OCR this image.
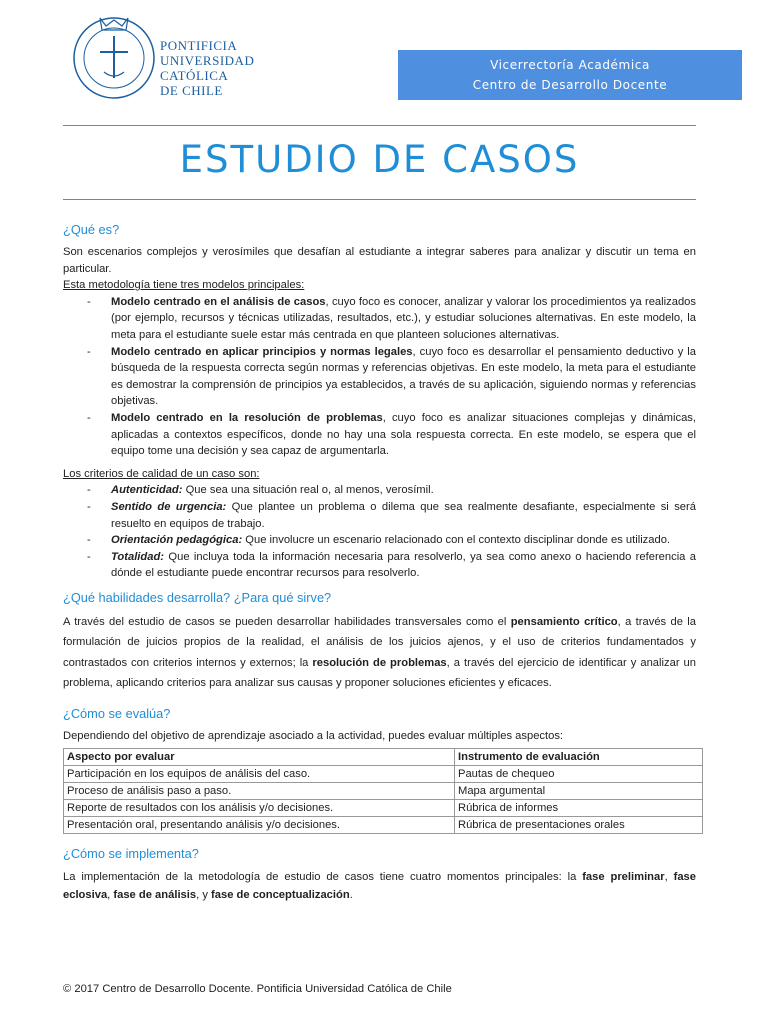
PONTIFICIA
UNIVERSIDAD
CATÓLICA
DE CHILE
Vicerrectoría Académica
Centro de Desarrollo Docente
ESTUDIO DE CASOS
¿Qué es?

Son escenarios complejos y verosímiles que desafían al estudiante a integrar saberes para analizar y discutir un tema en particular.

Esta metodología tiene tres modelos principales:

- Modelo centrado en el análisis de casos, cuyo foco es conocer, analizar y valorar los procedimientos ya realizados (por ejemplo, recursos y técnicas utilizadas, resultados, etc.), y estudiar soluciones alternativas. En este modelo, la meta para el estudiante suele estar más centrada en que planteen soluciones alternativas.
- Modelo centrado en aplicar principios y normas legales, cuyo foco es desarrollar el pensamiento deductivo y la búsqueda de la respuesta correcta según normas y referencias objetivas. En este modelo, la meta para el estudiante es demostrar la comprensión de principios ya establecidos, a través de su aplicación, siguiendo normas y referencias objetivas.
- Modelo centrado en la resolución de problemas, cuyo foco es analizar situaciones complejas y dinámicas, aplicadas a contextos específicos, donde no hay una sola respuesta correcta. En este modelo, se espera que el equipo tome una decisión y sea capaz de argumentarla.

Los criterios de calidad de un caso son:

- Autenticidad: Que sea una situación real o, al menos, verosímil.
- Sentido de urgencia: Que plantee un problema o dilema que sea realmente desafiante, especialmente si será resuelto en equipos de trabajo.
- Orientación pedagógica: Que involucre un escenario relacionado con el contexto disciplinar donde es utilizado.
- Totalidad: Que incluya toda la información necesaria para resolverlo, ya sea como anexo o haciendo referencia a dónde el estudiante puede encontrar recursos para resolverlo.
¿Qué habilidades desarrolla? ¿Para qué sirve?

A través del estudio de casos se pueden desarrollar habilidades transversales como el pensamiento crítico, a través de la formulación de juicios propios de la realidad, el análisis de los juicios ajenos, y el uso de criterios fundamentados y contrastados con criterios internos y externos; la resolución de problemas, a través del ejercicio de identificar y analizar un problema, aplicando criterios para analizar sus causas y proponer soluciones eficientes y eficaces.

¿Cómo se evalúa?

Dependiendo del objetivo de aprendizaje asociado a la actividad, puedes evaluar múltiples aspectos:

Aspecto por evaluar	Instrumento de evaluación
Participación en los equipos de análisis del caso.	Pautas de chequeo
Proceso de análisis paso a paso.	Mapa argumental
Reporte de resultados con los análisis y/o decisiones.	Rúbrica de informes
Presentación oral, presentando análisis y/o decisiones.	Rúbrica de presentaciones orales
¿Cómo se implementa?

La implementación de la metodología de estudio de casos tiene cuatro momentos principales: la fase preliminar, fase eclosiva, fase de análisis, y fase de conceptualización.

© 2017 Centro de Desarrollo Docente. Pontificia Universidad Católica de Chile
